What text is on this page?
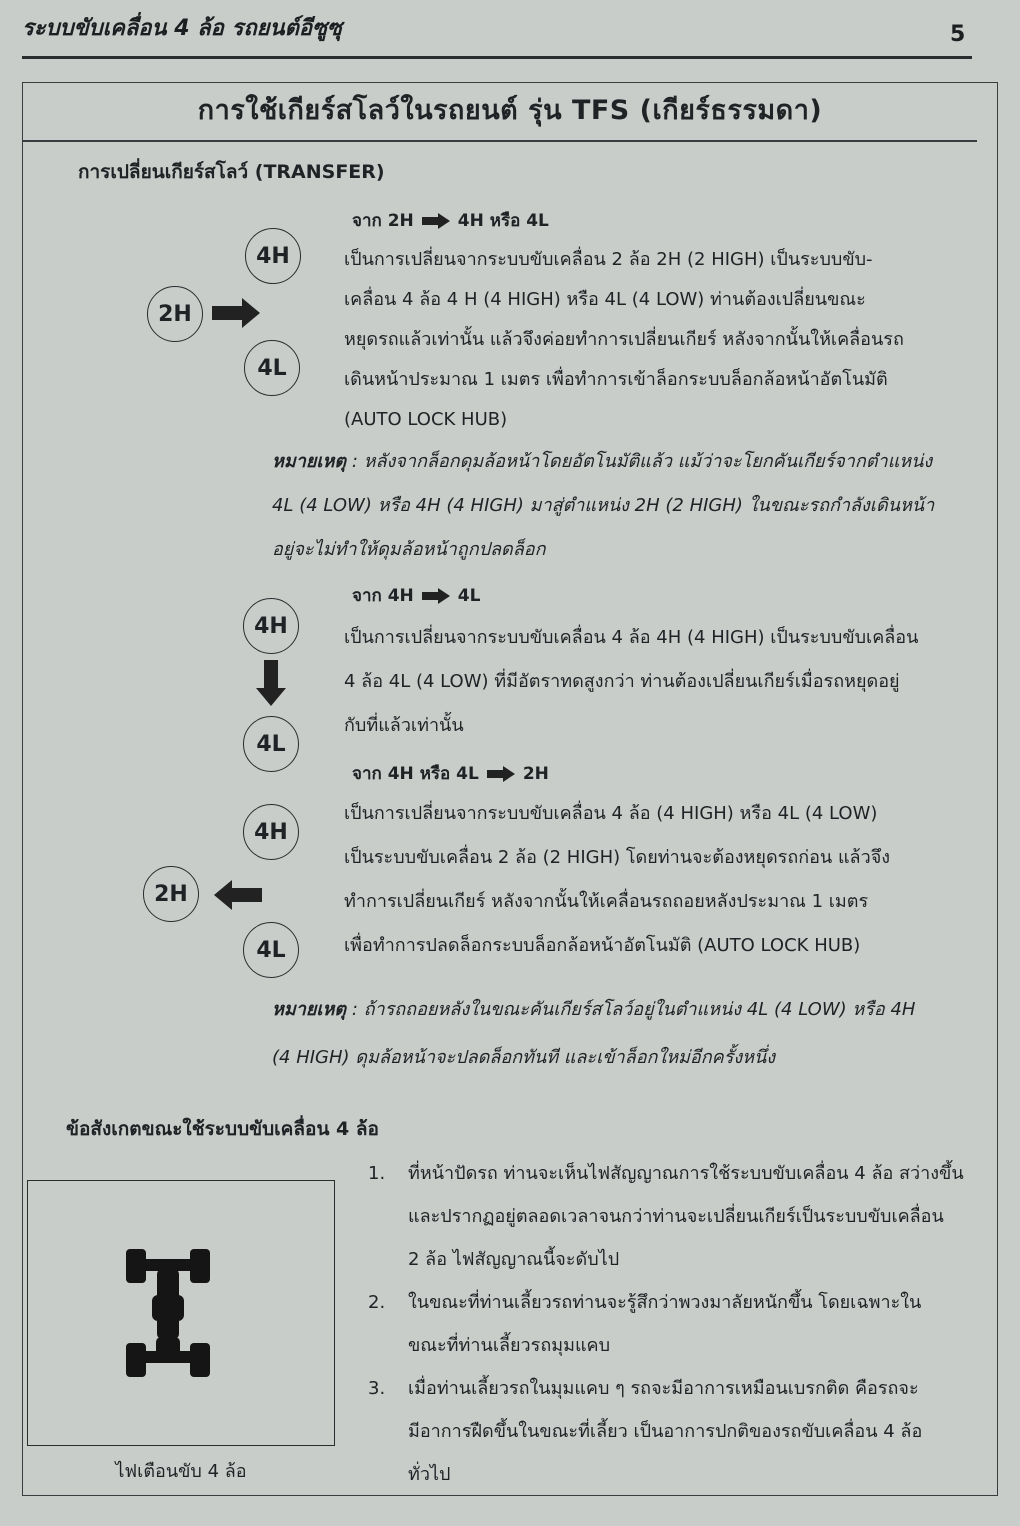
ระบบขับเคลื่อน 4 ล้อ รถยนต์อีซูซุ	5
การใช้เกียร์สโลว์ในรถยนต์ รุ่น TFS (เกียร์ธรรมดา)
การเปลี่ยนเกียร์สโลว์ (TRANSFER)
จาก 2H	4H หรือ 4L
4H
2H
4L
เป็นการเปลี่ยนจากระบบขับเคลื่อน 2 ล้อ 2H (2 HIGH) เป็นระบบขับ-
เคลื่อน 4 ล้อ 4 H (4 HIGH) หรือ 4L (4 LOW) ท่านต้องเปลี่ยนขณะ
หยุดรถแล้วเท่านั้น แล้วจึงค่อยทำการเปลี่ยนเกียร์ หลังจากนั้นให้เคลื่อนรถ
เดินหน้าประมาณ 1 เมตร เพื่อทำการเข้าล็อกระบบล็อกล้อหน้าอัตโนมัติ
(AUTO LOCK HUB)
หมายเหตุ : หลังจากล็อกดุมล้อหน้าโดยอัตโนมัติแล้ว แม้ว่าจะโยกคันเกียร์จากตำแหน่ง
4L (4 LOW) หรือ 4H (4 HIGH) มาสู่ตำแหน่ง 2H (2 HIGH) ในขณะรถกำลังเดินหน้า
อยู่จะไม่ทำให้ดุมล้อหน้าถูกปลดล็อก
จาก 4H	4L
4H
4L
เป็นการเปลี่ยนจากระบบขับเคลื่อน 4 ล้อ 4H (4 HIGH) เป็นระบบขับเคลื่อน
4 ล้อ 4L (4 LOW) ที่มีอัตราทดสูงกว่า ท่านต้องเปลี่ยนเกียร์เมื่อรถหยุดอยู่
กับที่แล้วเท่านั้น
จาก 4H หรือ 4L	2H
4H
2H
4L
เป็นการเปลี่ยนจากระบบขับเคลื่อน 4 ล้อ (4 HIGH) หรือ 4L (4 LOW)
เป็นระบบขับเคลื่อน 2 ล้อ (2 HIGH) โดยท่านจะต้องหยุดรถก่อน แล้วจึง
ทำการเปลี่ยนเกียร์ หลังจากนั้นให้เคลื่อนรถถอยหลังประมาณ 1 เมตร
เพื่อทำการปลดล็อกระบบล็อกล้อหน้าอัตโนมัติ (AUTO LOCK HUB)
หมายเหตุ : ถ้ารถถอยหลังในขณะคันเกียร์สโลว์อยู่ในตำแหน่ง 4L (4 LOW) หรือ 4H
(4 HIGH) ดุมล้อหน้าจะปลดล็อกทันที และเข้าล็อกใหม่อีกครั้งหนึ่ง
ข้อสังเกตขณะใช้ระบบขับเคลื่อน 4 ล้อ
ไฟเตือนขับ 4 ล้อ
1.	ที่หน้าปัดรถ ท่านจะเห็นไฟสัญญาณการใช้ระบบขับเคลื่อน 4 ล้อ สว่างขึ้น
และปรากฏอยู่ตลอดเวลาจนกว่าท่านจะเปลี่ยนเกียร์เป็นระบบขับเคลื่อน
2 ล้อ ไฟสัญญาณนี้จะดับไป
2.	ในขณะที่ท่านเลี้ยวรถท่านจะรู้สึกว่าพวงมาลัยหนักขึ้น โดยเฉพาะใน
ขณะที่ท่านเลี้ยวรถมุมแคบ
3.	เมื่อท่านเลี้ยวรถในมุมแคบ ๆ รถจะมีอาการเหมือนเบรกติด คือรถจะ
มีอาการฝืดขึ้นในขณะที่เลี้ยว เป็นอาการปกติของรถขับเคลื่อน 4 ล้อ
ทั่วไป
